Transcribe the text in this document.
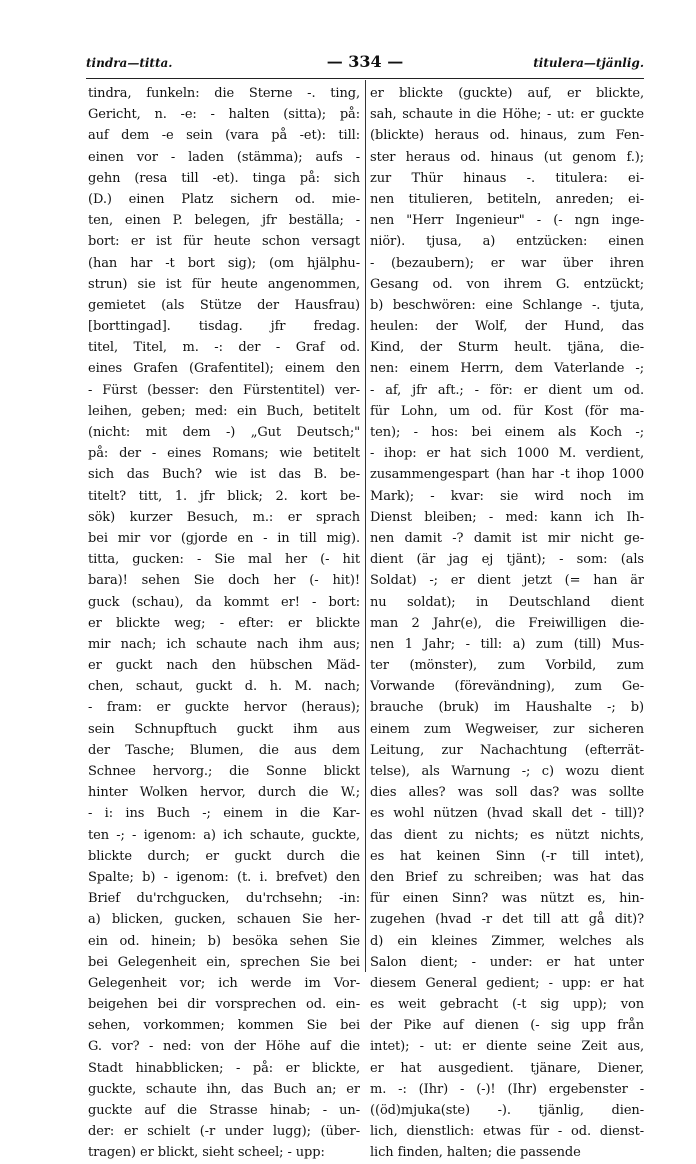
tindra—titta.	— 334 —	titulera—tjänlig.
tindra, funkeln: die Sterne -. ting,
Gericht, n. -e: - halten (sitta); på:
auf dem -e sein (vara på -et): till:
einen vor - laden (stämma); aufs -
gehn (resa till -et). tinga på: sich
(D.) einen Platz sichern od. mie-
ten, einen P. belegen, jfr beställa; -
bort: er ist für heute schon versagt
(han har -t bort sig); (om hjälphu-
strun) sie ist für heute angenommen,
gemietet (als Stütze der Hausfrau)
[borttingad]. tisdag. jfr fredag.
titel, Titel, m. -: der - Graf od.
eines Grafen (Grafentitel); einem den
- Fürst (besser: den Fürstentitel) ver-
leihen, geben; med: ein Buch, betitelt
(nicht: mit dem -) „Gut Deutsch;"
på: der - eines Romans; wie betitelt
sich das Buch? wie ist das B. be-
titelt? titt, 1. jfr blick; 2. kort be-
sök) kurzer Besuch, m.: er sprach
bei mir vor (gjorde en - in till mig).
titta, gucken: - Sie mal her (- hit
bara)! sehen Sie doch her (- hit)!
guck (schau), da kommt er! - bort:
er blickte weg; - efter: er blickte
mir nach; ich schaute nach ihm aus;
er guckt nach den hübschen Mäd-
chen, schaut, guckt d. h. M. nach;
- fram: er guckte hervor (heraus);
sein Schnupftuch guckt ihm aus
der Tasche; Blumen, die aus dem
Schnee hervorg.; die Sonne blickt
hinter Wolken hervor, durch die W.;
- i: ins Buch -; einem in die Kar-
ten -; - igenom: a) ich schaute, guckte,
blickte durch; er guckt durch die
Spalte; b) - igenom: (t. i. brefvet) den
Brief du'rchgucken, du'rchsehn; -in:
a) blicken, gucken, schauen Sie her-
ein od. hinein; b) besöka sehen Sie
bei Gelegenheit ein, sprechen Sie bei
Gelegenheit vor; ich werde im Vor-
beigehen bei dir vorsprechen od. ein-
sehen, vorkommen; kommen Sie bei
G. vor? - ned: von der Höhe auf die
Stadt hinabblicken; - på: er blickte,
guckte, schaute ihn, das Buch an; er
guckte auf die Strasse hinab; - un-
der: er schielt (-r under lugg); (über-
tragen) er blickt, sieht scheel; - upp:
er blickte (guckte) auf, er blickte,
sah, schaute in die Höhe; - ut: er guckte
(blickte) heraus od. hinaus, zum Fen-
ster heraus od. hinaus (ut genom f.);
zur Thür hinaus -. titulera: ei-
nen titulieren, betiteln, anreden; ei-
nen "Herr Ingenieur" - (- ngn inge-
niör). tjusa, a) entzücken: einen
- (bezaubern); er war über ihren
Gesang od. von ihrem G. entzückt;
b) beschwören: eine Schlange -. tjuta,
heulen: der Wolf, der Hund, das
Kind, der Sturm heult. tjäna, die-
nen: einem Herrn, dem Vaterlande -;
- af, jfr aft.; - för: er dient um od.
für Lohn, um od. für Kost (för ma-
ten); - hos: bei einem als Koch -;
- ihop: er hat sich 1000 M. verdient,
zusammengespart (han har -t ihop 1000
Mark); - kvar: sie wird noch im
Dienst bleiben; - med: kann ich Ih-
nen damit -? damit ist mir nicht ge-
dient (är jag ej tjänt); - som: (als
Soldat) -; er dient jetzt (= han är
nu soldat); in Deutschland dient
man 2 Jahr(e), die Freiwilligen die-
nen 1 Jahr; - till: a) zum (till) Mus-
ter (mönster), zum Vorbild, zum
Vorwande (förevändning), zum Ge-
brauche (bruk) im Haushalte -; b)
einem zum Wegweiser, zur sicheren
Leitung, zur Nachachtung (efterrät-
telse), als Warnung -; c) wozu dient
dies alles? was soll das? was sollte
es wohl nützen (hvad skall det - till)?
das dient zu nichts; es nützt nichts,
es hat keinen Sinn (-r till intet),
den Brief zu schreiben; was hat das
für einen Sinn? was nützt es, hin-
zugehen (hvad -r det till att gå dit)?
d) ein kleines Zimmer, welches als
Salon dient; - under: er hat unter
diesem General gedient; - upp: er hat
es weit gebracht (-t sig upp); von
der Pike auf dienen (- sig upp från
intet); - ut: er diente seine Zeit aus,
er hat ausgedient. tjänare, Diener,
m. -: (Ihr) - (-)! (Ihr) ergebenster -
((öd)mjuka(ste) -). tjänlig, dien-
lich, dienstlich: etwas für - od. dienst-
lich finden, halten; die passende
